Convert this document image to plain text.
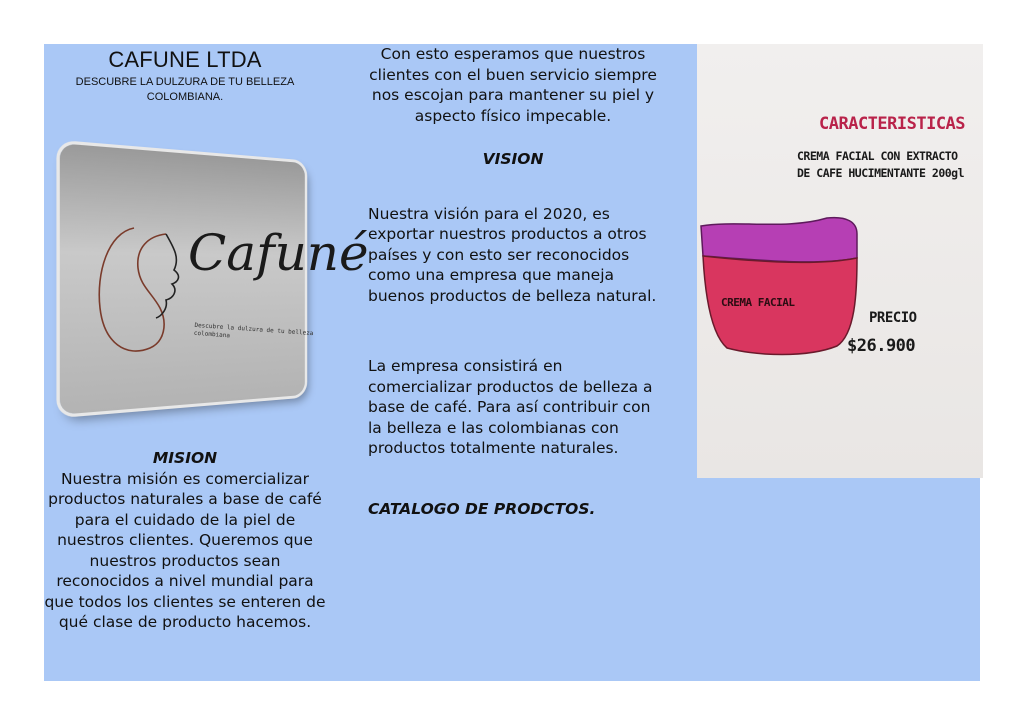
CAFUNE LTDA
DESCUBRE LA DULZURA DE TU BELLEZA COLOMBIANA.
Cafuné
Descubre la dulzura de tu belleza colombiana
MISION
Nuestra misión es comercializar productos naturales a base de café para el cuidado de la piel de nuestros clientes. Queremos que nuestros productos sean reconocidos a nivel mundial para que todos los clientes se enteren de qué clase de producto hacemos.
Con esto esperamos que nuestros clientes con el buen servicio siempre nos escojan para mantener su piel y aspecto físico impecable.
VISION
Nuestra visión para el 2020, es exportar nuestros productos a otros países y con esto ser reconocidos como una empresa que maneja buenos productos de belleza natural.
La empresa consistirá en comercializar productos de belleza a base de café. Para así contribuir con la belleza e las colombianas con productos totalmente naturales.
CATALOGO DE PRODCTOS.
CARACTERISTICAS
CREMA FACIAL CON EXTRACTO DE CAFE HUCIMENTANTE 200gl
CREMA FACIAL
PRECIO
$26.900
